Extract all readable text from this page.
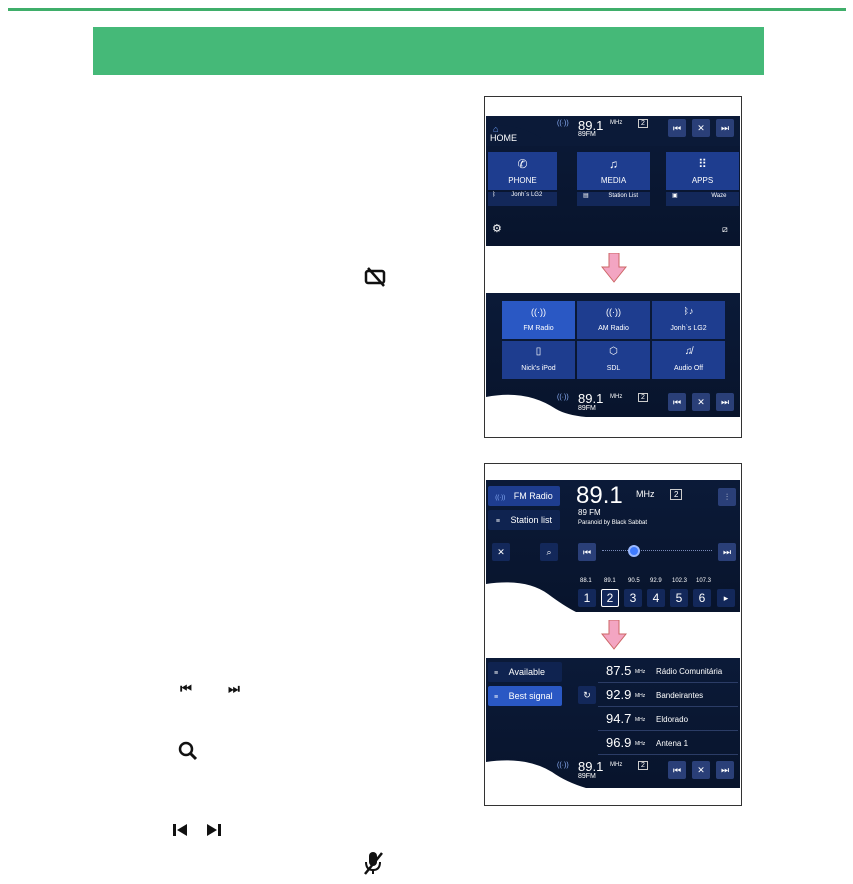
⏮	⏭
⌂
HOME
((·)) 89.1 MHz	2
89FM
⏮	✕	⏭
✆
PHONE
ᛒ	Jonh`s LG2
♫
MEDIA
▤	Station List
⠿
APPS
▣	Waze
⚙	⧄
((·))
FM Radio
((·))
AM Radio
ᛒ♪
Jonh`s LG2
▯
Nick's iPod
⬡
SDL
♫̸
Audio Off
((·)) 89.1 MHz	2
89FM
⏮	✕	⏭
((·)) FM Radio
≡ Station list
89.1 MHz	2	⫶
89 FM
Paranoid by Black Sabbat
✕	⌕	⏮	⏭
88.1 89.1 90.5 92.9 102.3 107.3
1	2	3	4	5	6	▸
≡ Available
≡ Best signal	↻
87.5 MHz Rádio Comunitária
92.9 MHz Bandeirantes
94.7 MHz Eldorado
96.9 MHz Antena 1
((·)) 89.1 MHz	2
89FM
⏮	✕	⏭
